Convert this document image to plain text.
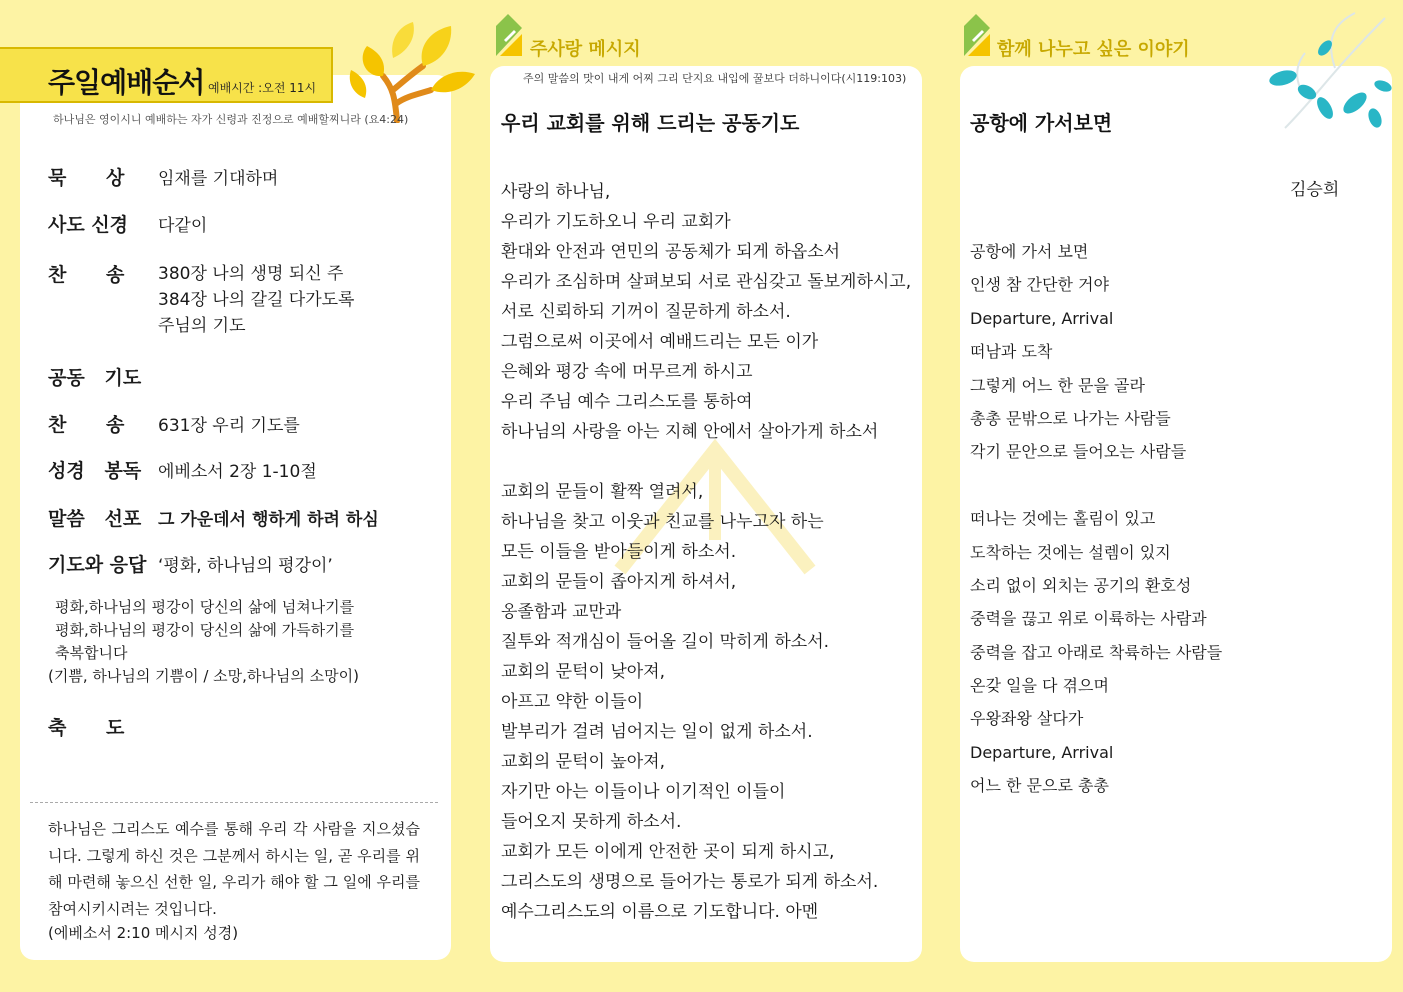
주일예배순서 예배시간 :오전 11시
하나님은 영이시니 예배하는 자가 신령과 진정으로 예배할찌니라 (요4:24)
묵      상 임재를 기대하며
사도 신경 다같이
찬      송	380장 나의 생명 되신 주
384장 나의 갈길 다가도록
주님의 기도
공동   기도
찬      송 631장 우리 기도를
성경   봉독 에베소서 2장 1-10절
말씀   선포 그 가운데서 행하게 하려 하심
기도와 응답 ‘평화, 하나님의 평강이’
평화,하나님의 평강이 당신의 삶에 넘쳐나기를
평화,하나님의 평강이 당신의 삶에 가득하기를
축복합니다
(기쁨, 하나님의 기쁨이 / 소망,하나님의 소망이)
축      도
하나님은 그리스도 예수를 통해 우리 각 사람을 지으셨습니다. 그렇게 하신 것은 그분께서 하시는 일, 곧 우리를 위해 마련해 놓으신 선한 일, 우리가 해야 할 그 일에 우리를 참여시키시려는 것입니다.
(에베소서 2:10 메시지 성경)
주사랑 메시지
주의 말씀의 맛이 내게 어찌 그리 단지요 내입에 꿀보다 더하니이다(시119:103)
우리 교회를 위해 드리는 공동기도
사랑의 하나님,
우리가 기도하오니 우리 교회가
환대와 안전과 연민의 공동체가 되게 하옵소서
우리가 조심하며 살펴보되 서로 관심갖고 돌보게하시고,
서로 신뢰하되 기꺼이 질문하게 하소서.
그럼으로써 이곳에서 예배드리는 모든 이가
은혜와 평강 속에 머무르게 하시고
우리 주님 예수 그리스도를 통하여
하나님의 사랑을 아는 지혜 안에서 살아가게 하소서
교회의 문들이 활짝 열려서,
하나님을 찾고 이웃과 친교를 나누고자 하는
모든 이들을 받아들이게 하소서.
교회의 문들이 좁아지게 하셔서,
옹졸함과 교만과
질투와 적개심이 들어올 길이 막히게 하소서.
교회의 문턱이 낮아져,
아프고 약한 이들이
발부리가 걸려 넘어지는 일이 없게 하소서.
교회의 문턱이 높아져,
자기만 아는 이들이나 이기적인 이들이
들어오지 못하게 하소서.
교회가 모든 이에게 안전한 곳이 되게 하시고,
그리스도의 생명으로 들어가는 통로가 되게 하소서.
예수그리스도의 이름으로 기도합니다. 아멘
함께 나누고 싶은 이야기
공항에 가서보면
김승희
공항에 가서 보면
인생 참 간단한 거야
Departure, Arrival
떠남과 도착
그렇게 어느 한 문을 골라
총총 문밖으로 나가는 사람들
각기 문안으로 들어오는 사람들
떠나는 것에는 홀림이 있고
도착하는 것에는 설렘이 있지
소리 없이 외치는 공기의 환호성
중력을 끊고 위로 이륙하는 사람과
중력을 잡고 아래로 착륙하는 사람들
온갖 일을 다 겪으며
우왕좌왕 살다가
Departure, Arrival
어느 한 문으로 총총
